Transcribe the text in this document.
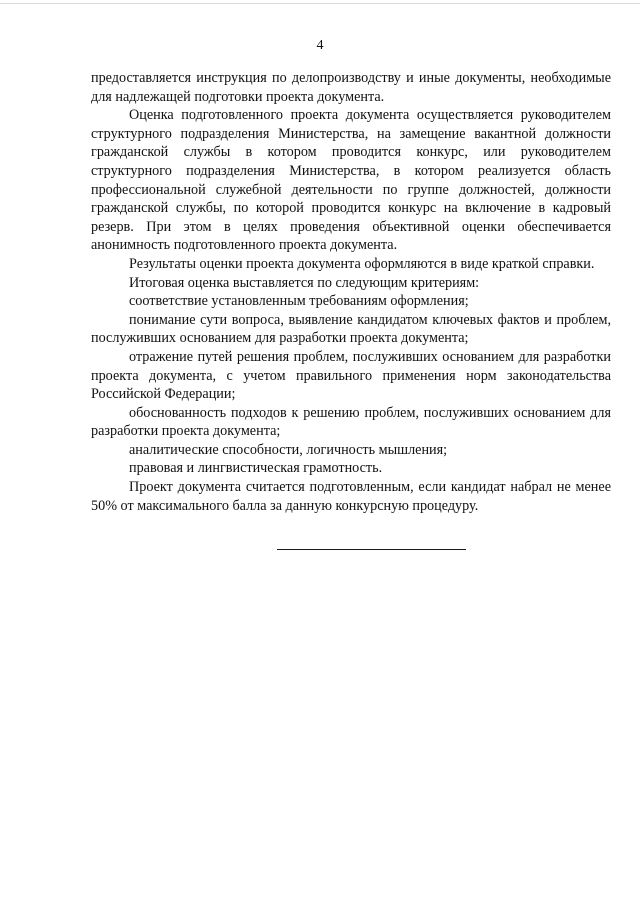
4

предоставляется инструкция по делопроизводству и иные документы, необходимые для надлежащей подготовки проекта документа.

Оценка подготовленного проекта документа осуществляется руководителем структурного подразделения Министерства, на замещение вакантной должности гражданской службы в котором проводится конкурс, или руководителем структурного подразделения Министерства, в котором реализуется область профессиональной служебной деятельности по группе должностей, должности гражданской службы, по которой проводится конкурс на включение в кадровый резерв. При этом в целях проведения объективной оценки обеспечивается анонимность подготовленного проекта документа.

Результаты оценки проекта документа оформляются в виде краткой справки.

Итоговая оценка выставляется по следующим критериям:

соответствие установленным требованиям оформления;

понимание сути вопроса, выявление кандидатом ключевых фактов и проблем, послуживших основанием для разработки проекта документа;

отражение путей решения проблем, послуживших основанием для разработки проекта документа, с учетом правильного применения норм законодательства Российской Федерации;

обоснованность подходов к решению проблем, послуживших основанием для разработки проекта документа;

аналитические способности, логичность мышления;

правовая и лингвистическая грамотность.

Проект документа считается подготовленным, если кандидат набрал не менее 50% от максимального балла за данную конкурсную процедуру.
